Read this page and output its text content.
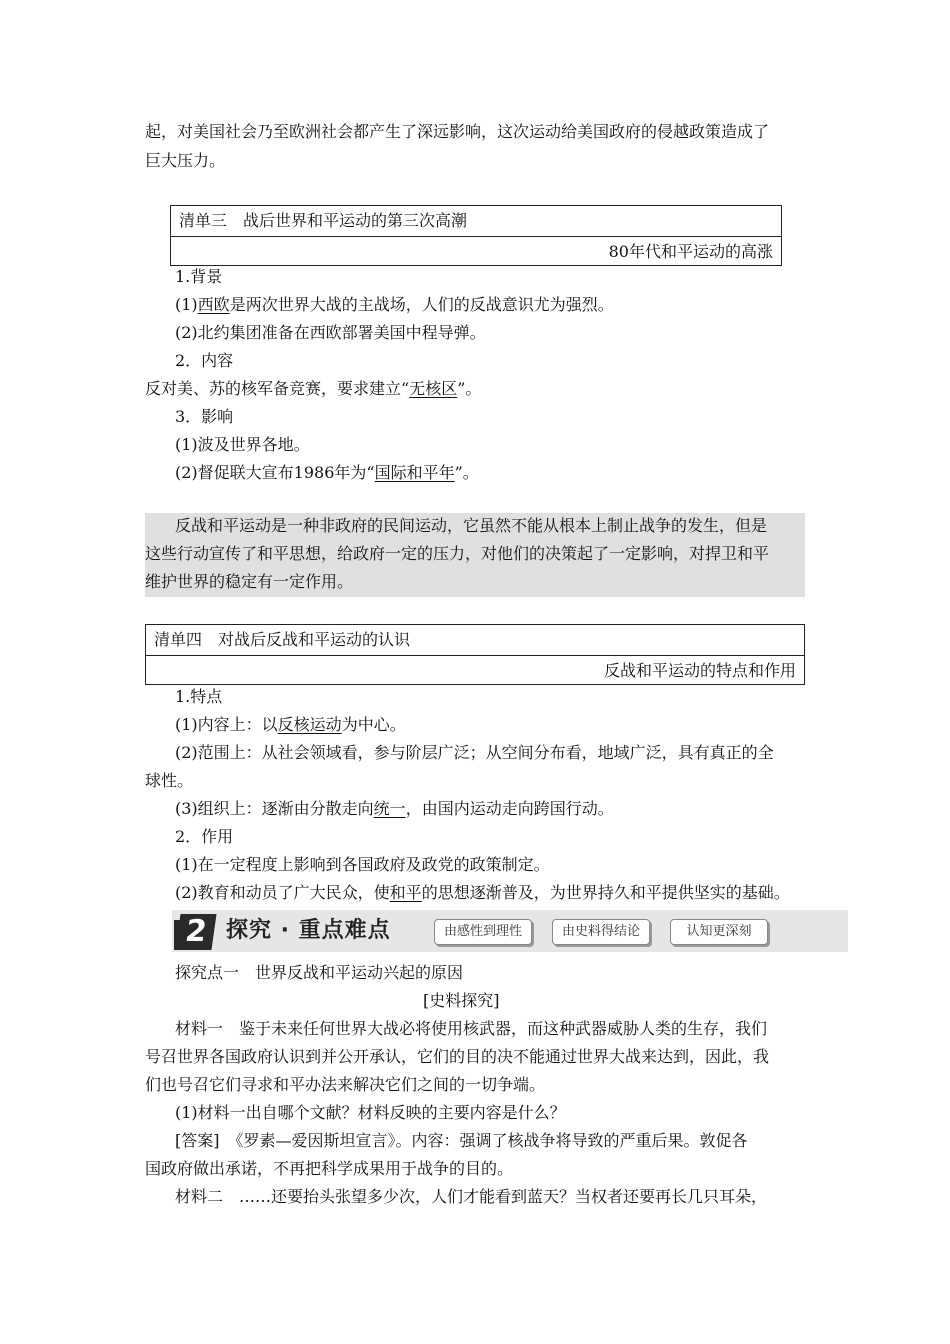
起，对美国社会乃至欧洲社会都产生了深远影响，这次运动给美国政府的侵越政策造成了
巨大压力。
清单三　战后世界和平运动的第三次高潮
80年代和平运动的高涨
1.背景
(1)西欧是两次世界大战的主战场，人们的反战意识尤为强烈。
(2)北约集团准备在西欧部署美国中程导弹。
2．内容
反对美、苏的核军备竞赛，要求建立“无核区”。
3．影响
(1)波及世界各地。
(2)督促联大宣布1986年为“国际和平年”。
反战和平运动是一种非政府的民间运动，它虽然不能从根本上制止战争的发生，但是
这些行动宣传了和平思想，给政府一定的压力，对他们的决策起了一定影响，对捍卫和平
维护世界的稳定有一定作用。
清单四　对战后反战和平运动的认识
反战和平运动的特点和作用
1.特点
(1)内容上：以反核运动为中心。
(2)范围上：从社会领域看，参与阶层广泛；从空间分布看，地域广泛，具有真正的全
球性。
(3)组织上：逐渐由分散走向统一，由国内运动走向跨国行动。
2．作用
(1)在一定程度上影响到各国政府及政党的政策制定。
(2)教育和动员了广大民众，使和平的思想逐渐普及，为世界持久和平提供坚实的基础。
2 探究 · 重点难点	由感性到理性	由史料得结论	认知更深刻
探究点一　世界反战和平运动兴起的原因
[史料探究]
材料一　鉴于未来任何世界大战必将使用核武器，而这种武器威胁人类的生存，我们
号召世界各国政府认识到并公开承认，它们的目的决不能通过世界大战来达到，因此，我
们也号召它们寻求和平办法来解决它们之间的一切争端。
(1)材料一出自哪个文献？材料反映的主要内容是什么？
[答案]　《罗素—爱因斯坦宣言》。内容：强调了核战争将导致的严重后果。敦促各
国政府做出承诺，不再把科学成果用于战争的目的。
材料二　……还要抬头张望多少次，人们才能看到蓝天？当权者还要再长几只耳朵，
